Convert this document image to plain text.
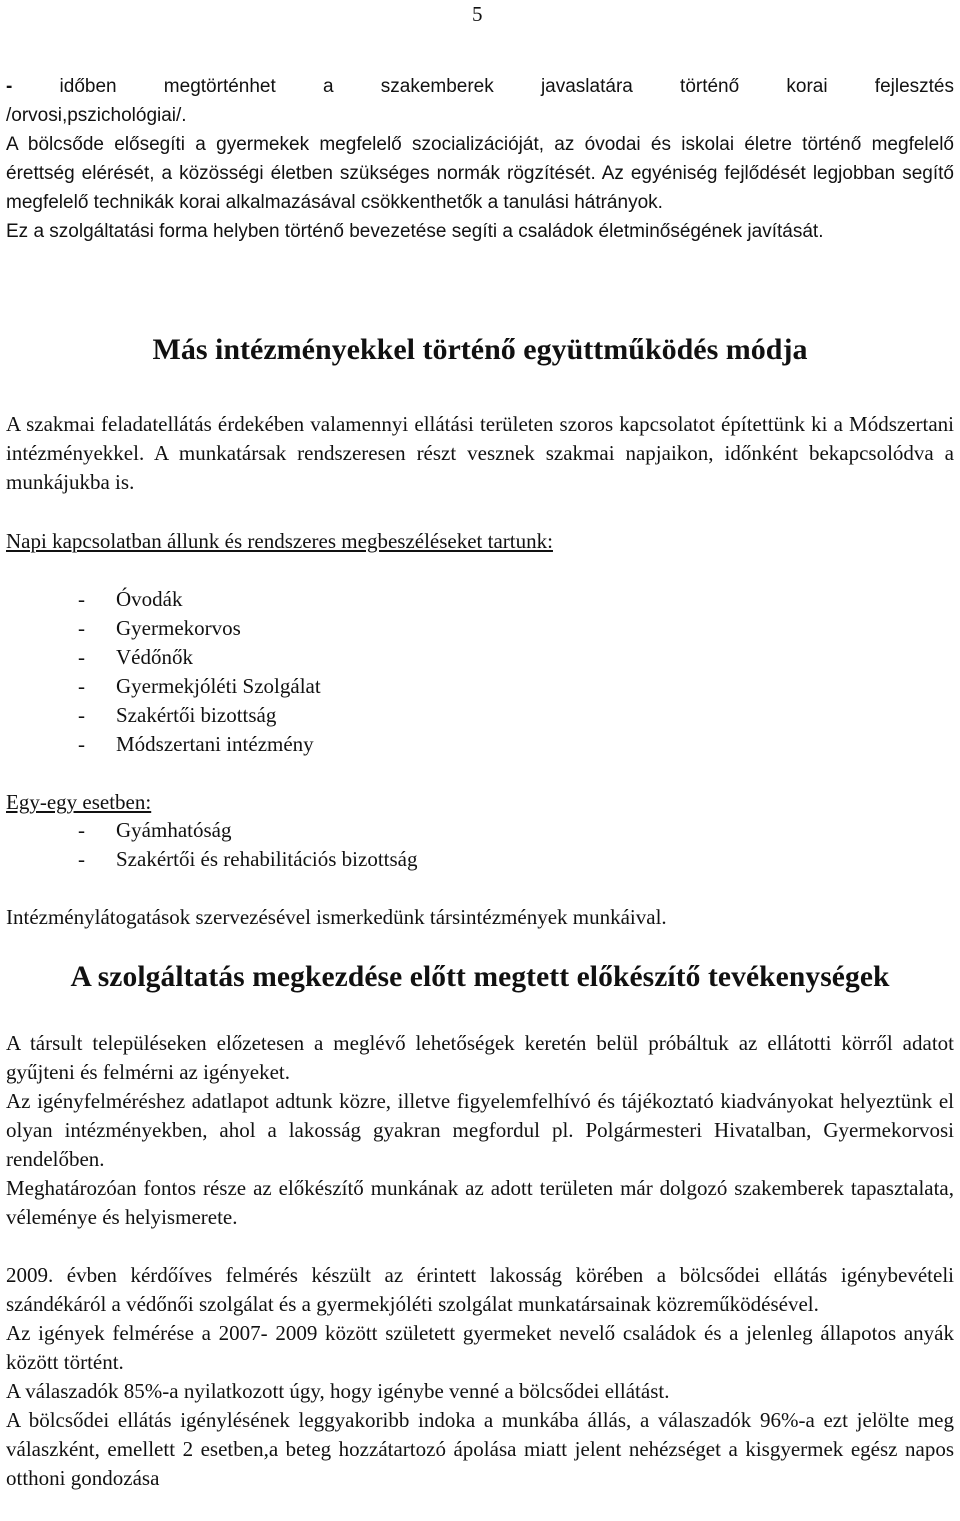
5

- időben megtörténhet a szakemberek javaslatára történő korai fejlesztés

/orvosi,pszichológiai/.

A bölcsőde elősegíti a gyermekek megfelelő szocializációját, az óvodai és iskolai életre történő megfelelő érettség elérését, a közösségi életben szükséges normák rögzítését. Az egyéniség fejlődését legjobban segítő megfelelő technikák korai alkalmazásával csökkenthetők a tanulási hátrányok.

Ez a szolgáltatási forma helyben történő bevezetése segíti a családok életminőségének javítását.

Más intézményekkel történő együttműködés módja
A szakmai feladatellátás érdekében valamennyi ellátási területen szoros kapcsolatot építettünk ki a Módszertani intézményekkel. A munkatársak rendszeresen részt vesznek szakmai napjaikon, időnként bekapcsolódva a munkájukba is.
Napi kapcsolatban állunk és rendszeres megbeszéléseket tartunk:
-	Óvodák
-	Gyermekorvos
-	Védőnők
-	Gyermekjóléti Szolgálat
-	Szakértői bizottság
-	Módszertani intézmény
Egy-egy esetben:
-	Gyámhatóság
-	Szakértői és rehabilitációs bizottság
Intézménylátogatások szervezésével ismerkedünk társintézmények munkáival.
A szolgáltatás megkezdése előtt megtett előkészítő tevékenységek

A társult településeken előzetesen a meglévő lehetőségek keretén belül próbáltuk az ellátotti körről adatot gyűjteni és felmérni az igényeket.

Az igényfelméréshez adatlapot adtunk közre, illetve figyelemfelhívó és tájékoztató kiadványokat helyeztünk el olyan intézményekben, ahol a lakosság gyakran megfordul pl. Polgármesteri Hivatalban, Gyermekorvosi rendelőben.

Meghatározóan fontos része az előkészítő munkának az adott területen már dolgozó szakemberek tapasztalata, véleménye és helyismerete.

2009. évben kérdőíves felmérés készült az érintett lakosság körében a bölcsődei ellátás igénybevételi szándékáról a védőnői szolgálat és a gyermekjóléti szolgálat munkatársainak közreműködésével.

Az igények felmérése a 2007- 2009 között született gyermeket nevelő családok és a jelenleg állapotos anyák között történt.

A válaszadók 85%-a nyilatkozott úgy, hogy igénybe venné a bölcsődei ellátást.

A bölcsődei ellátás igénylésének leggyakoribb indoka a munkába állás, a válaszadók 96%-a ezt jelölte meg válaszként, emellett 2 esetben,a beteg hozzátartozó ápolása miatt jelent nehézséget a kisgyermek egész napos otthoni gondozása
